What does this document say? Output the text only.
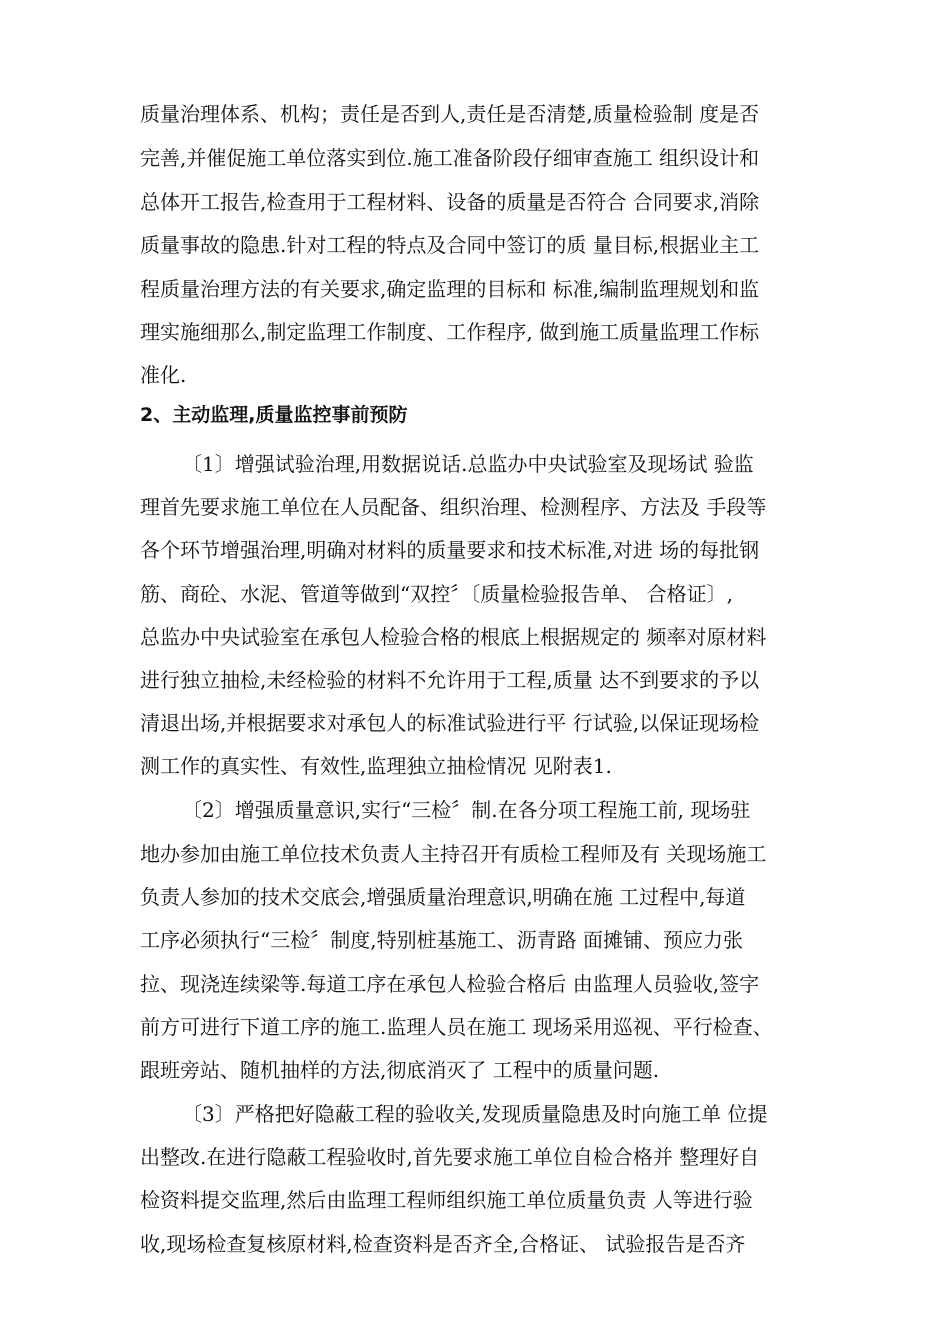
质量治理体系、机构；责任是否到人,责任是否清楚,质量检验制 度是否
完善,并催促施工单位落实到位.施工准备阶段仔细审查施工 组织设计和
总体开工报告,检查用于工程材料、设备的质量是否符合 合同要求,消除
质量事故的隐患.针对工程的特点及合同中签订的质 量目标,根据业主工
程质量治理方法的有关要求,确定监理的目标和 标准,编制监理规划和监
理实施细那么,制定监理工作制度、工作程序, 做到施工质量监理工作标
准化.
2、主动监理,质量监控事前预防
〔1〕增强试验治理,用数据说话.总监办中央试验室及现场试 验监
理首先要求施工单位在人员配备、组织治理、检测程序、方法及 手段等
各个环节增强治理,明确对材料的质量要求和技术标准,对进 场的每批钢
筋、商砼、水泥、管道等做到“双控〞〔质量检验报告单、 合格证〕,
总监办中央试验室在承包人检验合格的根底上根据规定的 频率对原材料
进行独立抽检,未经检验的材料不允许用于工程,质量 达不到要求的予以
清退出场,并根据要求对承包人的标准试验进行平 行试验,以保证现场检
测工作的真实性、有效性,监理独立抽检情况 见附表1.
〔2〕增强质量意识,实行“三检〞制.在各分项工程施工前, 现场驻
地办参加由施工单位技术负责人主持召开有质检工程师及有 关现场施工
负责人参加的技术交底会,增强质量治理意识,明确在施 工过程中,每道
工序必须执行“三检〞制度,特别桩基施工、沥青路 面摊铺、预应力张
拉、现浇连续梁等.每道工序在承包人检验合格后 由监理人员验收,签字
前方可进行下道工序的施工.监理人员在施工 现场采用巡视、平行检查、
跟班旁站、随机抽样的方法,彻底消灭了 工程中的质量问题.
〔3〕严格把好隐蔽工程的验收关,发现质量隐患及时向施工单 位提
出整改.在进行隐蔽工程验收时,首先要求施工单位自检合格并 整理好自
检资料提交监理,然后由监理工程师组织施工单位质量负责 人等进行验
收,现场检查复核原材料,检查资料是否齐全,合格证、 试验报告是否齐
